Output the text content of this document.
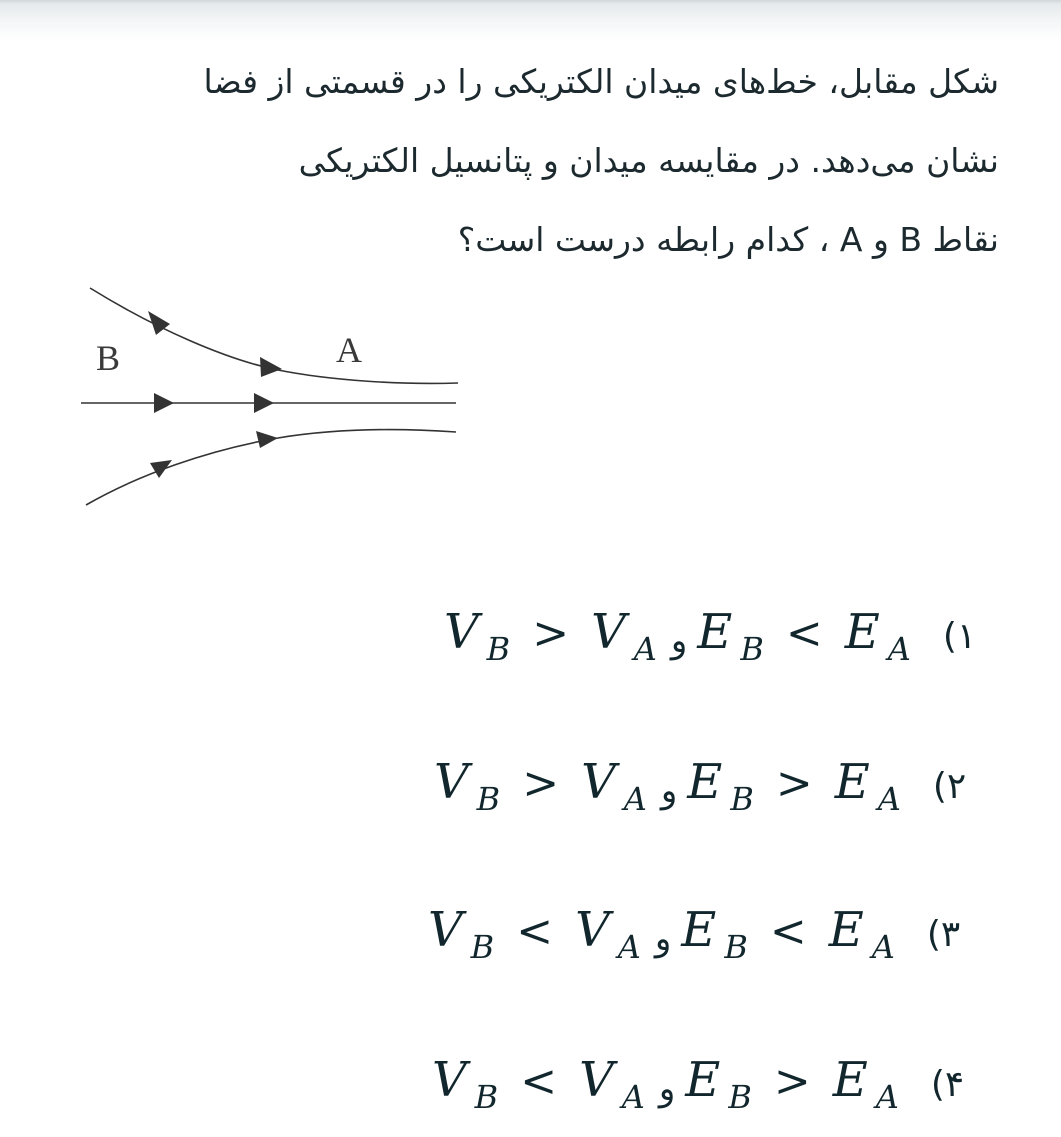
شکل مقابل، خط‌های میدان الکتریکی را در قسمتی از فضا
نشان می‌دهد. در مقایسه میدان و پتانسیل الکتریکی
نقاط B و A ، کدام رابطه درست است؟
B	A
V B > V A و E B < E A (۱
V B > V A و E B > E A (۲
V B < V A و E B < E A (۳
V B < V A و E B > E A (۴
